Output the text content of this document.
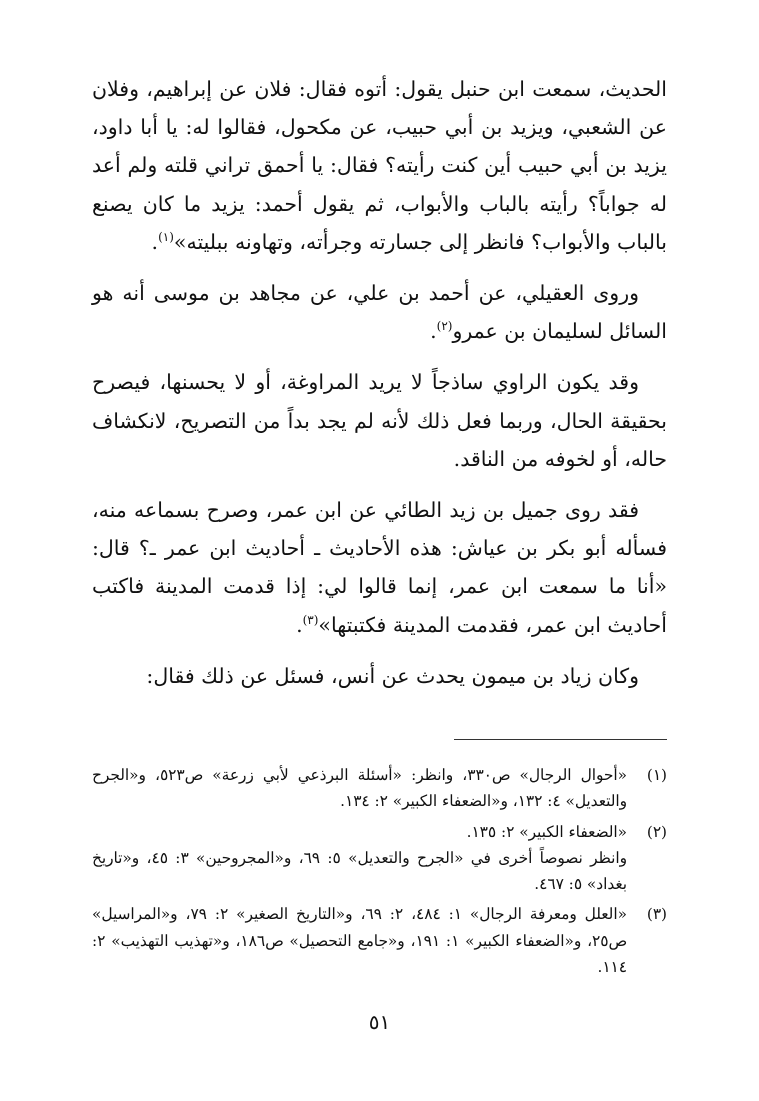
الحديث، سمعت ابن حنبل يقول: أتوه فقال: فلان عن إبراهيم، وفلان عن الشعبي، ويزيد بن أبي حبيب، عن مكحول، فقالوا له: يا أبا داود، يزيد بن أبي حبيب أين كنت رأيته؟ فقال: يا أحمق تراني قلته ولم أعد له جواباً؟ رأيته بالباب والأبواب، ثم يقول أحمد: يزيد ما كان يصنع بالباب والأبواب؟ فانظر إلى جسارته وجرأته، وتهاونه ببليته»$^{(١)}$.

وروى العقيلي، عن أحمد بن علي، عن مجاهد بن موسى أنه هو السائل لسليمان بن عمرو$^{(٢)}$.

وقد يكون الراوي ساذجاً لا يريد المراوغة، أو لا يحسنها، فيصرح بحقيقة الحال، وربما فعل ذلك لأنه لم يجد بداً من التصريح، لانكشاف حاله، أو لخوفه من الناقد.

فقد روى جميل بن زيد الطائي عن ابن عمر، وصرح بسماعه منه، فسأله أبو بكر بن عياش: هذه الأحاديث ـ أحاديث ابن عمر ـ؟ قال: «أنا ما سمعت ابن عمر، إنما قالوا لي: إذا قدمت المدينة فاكتب أحاديث ابن عمر، فقدمت المدينة فكتبتها»$^{(٣)}$.

وكان زياد بن ميمون يحدث عن أنس، فسئل عن ذلك فقال:

(١)
«أحوال الرجال» ص٣٣٠، وانظر: «أسئلة البرذعي لأبي زرعة» ص٥٢٣، و«الجرح والتعديل» ٤: ١٣٢، و«الضعفاء الكبير» ٢: ١٣٤.
(٢)
«الضعفاء الكبير» ٢: ١٣٥.
وانظر نصوصاً أخرى في «الجرح والتعديل» ٥: ٦٩، و«المجروحين» ٣: ٤٥، و«تاريخ بغداد» ٥: ٤٦٧.
(٣)
«العلل ومعرفة الرجال» ١: ٤٨٤، ٢: ٦٩، و«التاريخ الصغير» ٢: ٧٩، و«المراسيل» ص٢٥، و«الضعفاء الكبير» ١: ١٩١، و«جامع التحصيل» ص١٨٦، و«تهذيب التهذيب» ٢: ١١٤.
٥١
